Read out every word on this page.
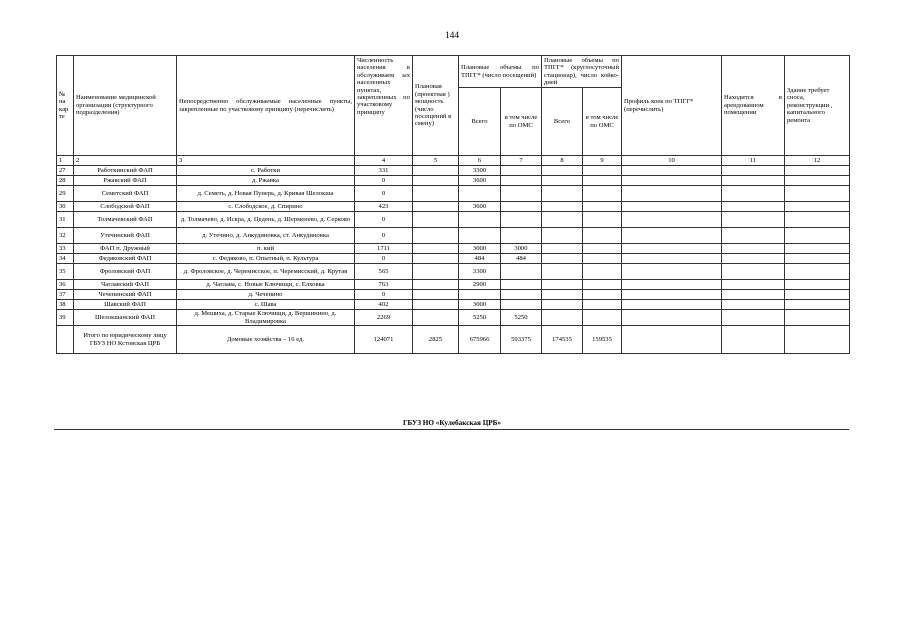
144
№ на кар те	Наименование медицинской организации (структурного подразделения)	Непосредственно обслуживаемые населенные пункты, закрепленные по участковому принципу (перечислить)	Численность населения в обслуживаем ых населенных пунктах, закрепленных по участковому принципу	Плановая (проектная ) мощность (число посещений в смену)	Плановые объемы по ТПГГ* (число посещений)		Плановые объемы по ТПГГ* (круглосуточный стационар), число койко-дней		Профиль коек по ТПГГ* (перечислить)	Находится в арендованном помещении	Здание требует сноса, реконструкции , капитального ремонта
					Всего	в том числе по ОМС	Всего	в том числе по ОМС			
1	2	3	4	5	6	7	8	9	10	11	12
27	Работкинский ФАП	с. Работки	331		3300						
28	Ржавский ФАП	д. Ржавка	0		3600						
29	Семетский ФАП	д. Семеть, д. Новая Пунерь, д. Кривая Шелокша	0								
30	Слободской ФАП	с. Слободское, д. Спирино	423		3600						
31	Толмачевский ФАП	д. Толмачево, д. Искра, д. Цедень, д. Шерменево, д. Серково	0								
32	Утечинский ФАП	д. Утечино, д. Анкудиновка, ст. Анкудиновка	0								
33	ФАП п. Дружный	п. кий	1711		3000	3000					
34	Федяковский ФАП	с. Федяково, п. Опытный, п. Культура	0		484	484					
35	Фроловский ФАП	д. Фроловское, д. Черемисское, п. Черемисский, д. Крутая	565		3300						
36	Чаглавский ФАП	д. Чаглава, с. Новые Ключищи, с. Елховка	763		2900						
37	Чеченинский ФАП	д. Чеченино	0								
38	Шавский ФАП	с. Шава	402		3000						
39	Шелокшанский ФАП	д. Мешиха, д. Старые Ключищи, д. Вершинино, д. Владимировка	2269		5250	5250					
	Итого по юридическому лицу ГБУЗ НО Кстовская ЦРБ	Домовые хозяйства – 16 ед.	124071	2825	675966	593375	174535	159535			
ГБУЗ НО «Кулебакская ЦРБ»
